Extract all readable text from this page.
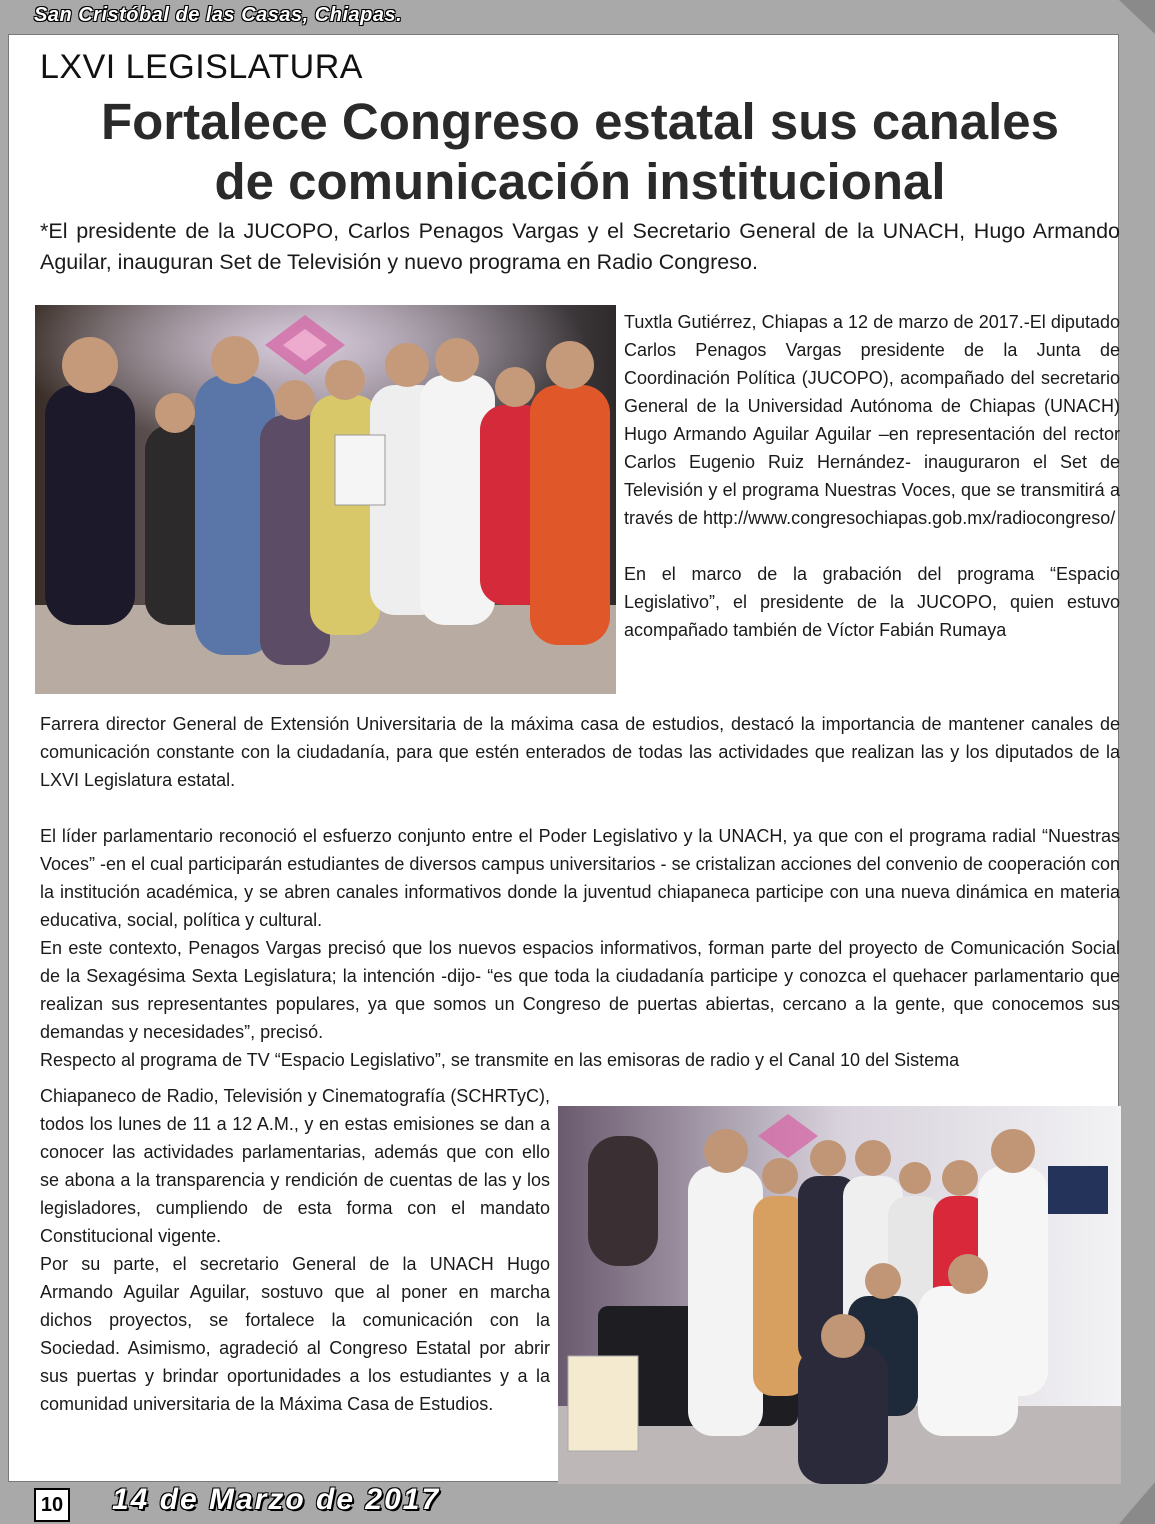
San Cristóbal de las Casas, Chiapas.
LXVI LEGISLATURA
Fortalece Congreso estatal sus canales
de comunicación institucional
*El presidente de la JUCOPO, Carlos Penagos Vargas y el Secretario General de la UNACH, Hugo Armando Aguilar, inauguran Set de Televisión y nuevo programa en Radio Congreso.

Tuxtla Gutiérrez, Chiapas a 12 de marzo de 2017.-El diputado Carlos Penagos Vargas presidente de la Junta de Coordinación Política (JUCOPO), acompañado del secretario General de la Universidad Autónoma de Chiapas (UNACH) Hugo Armando Aguilar Aguilar –en representación del rector Carlos Eugenio Ruiz Hernández- inauguraron el Set de Televisión y el programa Nuestras Voces, que se transmitirá a través de http://www.congresochiapas.gob.mx/radiocongreso/

En el marco de la grabación del programa “Espacio Legislativo”, el presidente de la JUCOPO, quien estuvo acompañado también de Víctor Fabián Rumaya

Farrera director General de Extensión Universitaria de la máxima casa de estudios, destacó la importancia de mantener canales de comunicación constante con la ciudadanía, para que estén enterados de todas las actividades que realizan las y los diputados de la LXVI Legislatura estatal.

El líder parlamentario reconoció el esfuerzo conjunto entre el Poder Legislativo y la UNACH, ya que con el programa radial “Nuestras Voces” -en el cual participarán estudiantes de diversos campus universitarios - se cristalizan acciones del convenio de cooperación con la institución académica, y se abren canales informativos donde la juventud chiapaneca participe con una nueva dinámica en materia educativa, social, política y cultural.

En este contexto, Penagos Vargas precisó que los nuevos espacios informativos, forman parte del proyecto de Comunicación Social de la Sexagésima Sexta Legislatura; la intención -dijo- “es que toda la ciudadanía participe y conozca el quehacer parlamentario que realizan sus representantes populares, ya que somos un Congreso de puertas abiertas, cercano a la gente, que conocemos sus demandas y necesidades”, precisó.

Respecto al programa de TV “Espacio Legislativo”, se transmite en las emisoras de radio y el Canal 10 del Sistema

Chiapaneco de Radio, Televisión y Cinematografía (SCHRTyC), todos los lunes de 11 a 12 A.M., y en estas emisiones se dan a conocer las actividades parlamentarias, además que con ello se abona a la transparencia y rendición de cuentas de las y los legisladores, cumpliendo de esta forma con el mandato Constitucional vigente.

Por su parte, el secretario General de la UNACH Hugo Armando Aguilar Aguilar, sostuvo que al poner en marcha dichos proyectos, se fortalece la comunicación con la Sociedad. Asimismo, agradeció al Congreso Estatal por abrir sus puertas y brindar oportunidades a los estudiantes y a la comunidad universitaria de la Máxima Casa de Estudios.

10 14 de Marzo de 2017
